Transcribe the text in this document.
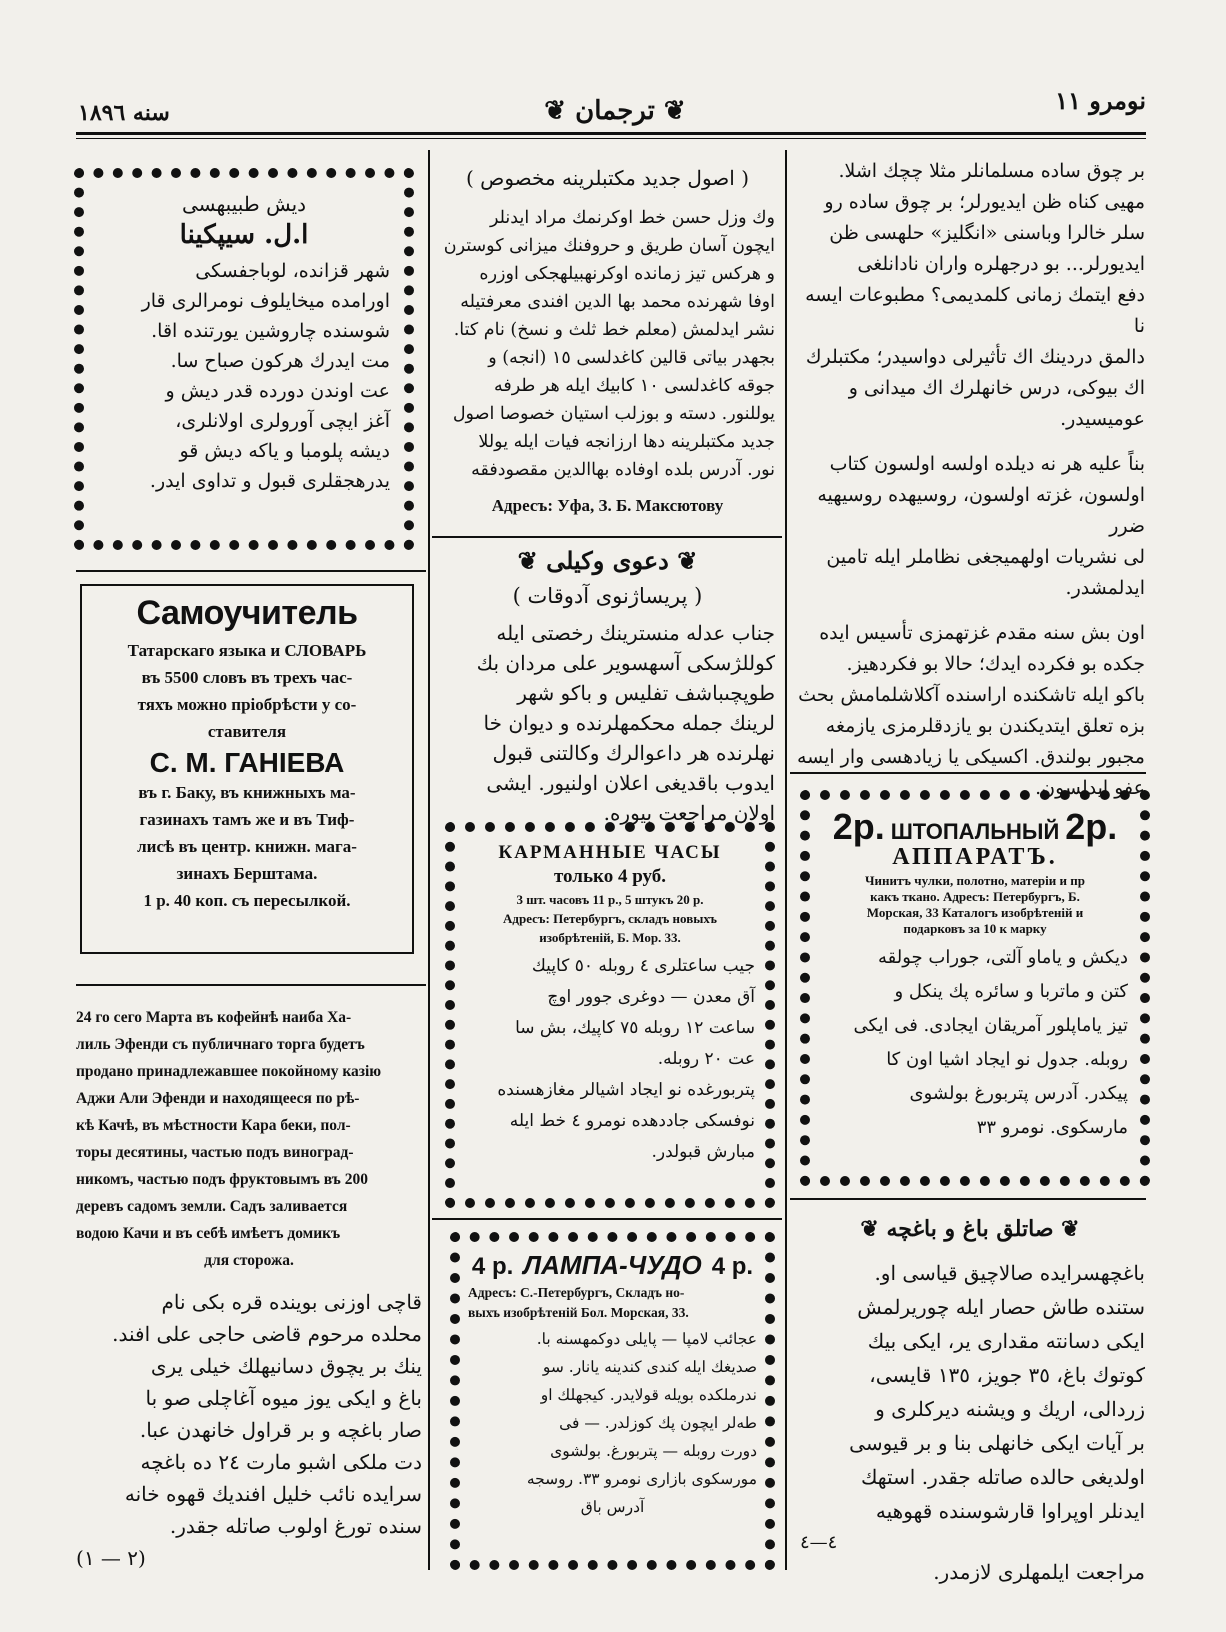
سنه ١٨٩٦	❦ ترجمان ❦	نومرو ١١
ديش طبيبهسى
ا.ل. سيپكينا
شهر قزانده، لوباجفسكى
اورامده ميخايلوف نومرالرى قار
شوسنده چاروشين يورتنده اقا.
مت ايدرك هركون صباح سا.
عت اوندن دورده قدر ديش و
آغز ايچى آورولرى اولانلرى،
ديشه پلومبا و ياكه ديش قو
يدرهجقلرى قبول و تداوى ايدر.
Самоучитель
Татарскаго языка и СЛОВАРЬ
въ 5500 словъ въ трехъ час-
тяхъ можно пріобрѣсти у со-
ставителя
С. М. ГАНІЕВА
въ г. Баку, въ книжныхъ ма-
газинахъ тамъ же и въ Тиф-
лисѣ въ центр. книжн. мага-
зинахъ Берштама.
1 р. 40 коп. съ пересылкой.
24 го сего Марта въ кофейнѣ наиба Ха-
лиль Эфенди съ публичнаго торга будетъ
продано принадлежавшее покойному казію
Аджи Али Эфенди и находящееся по рѣ-
кѣ Качѣ, въ мѣстности Кара беки, пол-
торы десятины, частью подъ виноград-
никомъ, частью подъ фруктовымъ въ 200
деревъ садомъ земли. Садъ заливается
водою Качи и въ себѣ имѣетъ домикъ
для сторожа.
قاچى اوزنى بوينده قره بكى نام
محلده مرحوم قاضى حاجى على افند.
ينك بر يچوق دسانيهلك خيلى يرى
باغ و ايكى يوز ميوه آغاچلى صو با
صار باغچه و بر قراول خانهدن عبا.
دت ملكى اشبو مارت ٢٤ ده باغچه
سرايده نائب خليل افنديك قهوه خانه
سنده تورغ اولوب صاتله جقدر.
(٢ — ١)
( اصول جديد مكتبلرينه مخصوص )
وك وزل حسن خط اوكرنمك مراد ايدنلر
ايچون آسان طريق و حروفنك ميزانى كوسترن
و هركس تيز زمانده اوكرنهبيلهجكى اوزره
اوفا شهرنده محمد بها الدين افندى معرفتيله
نشر ايدلمش (معلم خط ثلث و نسخ) نام كتا.
بجهدر بياتى قالين كاغدلسى ١٥ (انجه) و
جوقه كاغدلسى ١٠ كابيك ايله هر طرفه
يوللنور. دسته و بوزلب استيان خصوصا اصول
جديد مكتبلرينه دها ارزانجه فيات ايله يوللا
نور. آدرس بلده اوفاده بهاالدين مقصودفقه
Адресъ: Уфа, З. Б. Максютову
❦ دعوى وكيلى ❦
( پريساژنوى آدوقات )
جناب عدله منسترينك رخصتى ايله
كوللژسكى آسهسوير على مردان بك
طوپچىباشف تفليس و باكو شهر
لرينك جمله محكمهلرنده و ديوان خا
نهلرنده هر داعوالرك وكالتنى قبول
ايدوب باقديغى اعلان اولنيور. ايشى
اولان مراجعت بيوره.
КАРМАННЫЕ ЧАСЫ
только 4 руб.
3 шт. часовъ 11 р., 5 штукъ 20 р.
Адресъ: Петербургъ, складъ новыхъ
изобрѣтеній, Б. Мор. 33.
جيب ساعتلرى ٤ روبله ٥٠ كاپيك
آق معدن — دوغرى جوور اوچ
ساعت ١٢ روبله ٧٥ كاپيك، بش سا
عت ٢٠ روبله.
پتربورغده نو ايجاد اشيالر مغازهسنده
نوفسكى جاددهده نومرو ٤ خط ايله
مبارش قبولدر.
4 р. ЛАМПА-ЧУДО 4 р.
Адресъ: С.-Петербургъ, Складъ но-
выхъ изобрѣтеній Бол. Морская, 33.
عجائب لامپا — پايلى دوكمهسنه با.
صديغك ايله كندى كندينه يانار. سو
ندرملكده بويله قولايدر. كيجهلك او
طەلر ايچون پك كوزلدر. — فى
دورت روبله — پتربورغ. بولشوى
مورسكوى بازارى نومرو ٣٣. روسجه
آدرس باق
بر چوق ساده مسلمانلر مثلا چچك اشلا.
مهيى كناه ظن ايديورلر؛ بر چوق ساده رو
سلر خالرا وباسنى «انگليز» حلهسى ظن
ايديورلر... بو درجهلره واران نادانلغى
دفع ايتمك زمانى كلمديمى؟ مطبوعات ايسه نا
دالمق دردينك اك تأثيرلى دواسيدر؛ مكتبلرك
اك بيوكى، درس خانهلرك اك ميدانى و
عوميسيدر.
بناً عليه هر نه ديلده اولسه اولسون كتاب
اولسون، غزته اولسون، روسيهده روسيهيه ضرر
لى نشريات اولهميجغى نظاملر ايله تامين
ايدلمشدر.
اون بش سنه مقدم غزتهمزى تأسيس ايده
جكده بو فكرده ايدك؛ حالا بو فكردهيز.
باكو ايله تاشكنده اراسنده آكلاشلمامش بحث
بزه تعلق ايتديكندن بو يازدقلرمزى يازمغه
مجبور بولندق. اكسيكى يا زيادهسى وار ايسه
عفو ايدلسون.
2р. ШТОПАЛЬНЫЙ 2р.
АППАРАТЪ.
Чинитъ чулки, полотно, матеріи и пр
какъ ткано. Адресъ: Петербургъ, Б.
Морская, 33 Каталогъ изобрѣтеній и
подарковъ за 10 к марку
ديكش و ياماو آلتى، جوراب چولقه
كتن و ماتربا و سائره پك ينكل و
تيز ياماپلور آمريقان ايجادى. فى ايكى
روبله. جدول نو ايجاد اشيا اون كا
پيكدر. آدرس پتربورغ بولشوى
مارسكوى. نومرو ٣٣
❦ صاتلق باغ و باغچه ❦
باغچهسرايده صالاچيق قياسى او.
ستنده طاش حصار ايله چوريرلمش
ايكى دسانته مقدارى ير، ايكى بيك
كوتوك باغ، ٣٥ جويز، ١٣٥ قايسى،
زردالى، اريك و ويشنه ديركلرى و
بر آيات ايكى خانهلى بنا و بر قيوسى
اولديغى حالده صاتله جقدر. استهك
ايدنلر اوپراوا قارشوسنده قهوهيه
٤—٤
مراجعت ايلمهلرى لازمدر.
